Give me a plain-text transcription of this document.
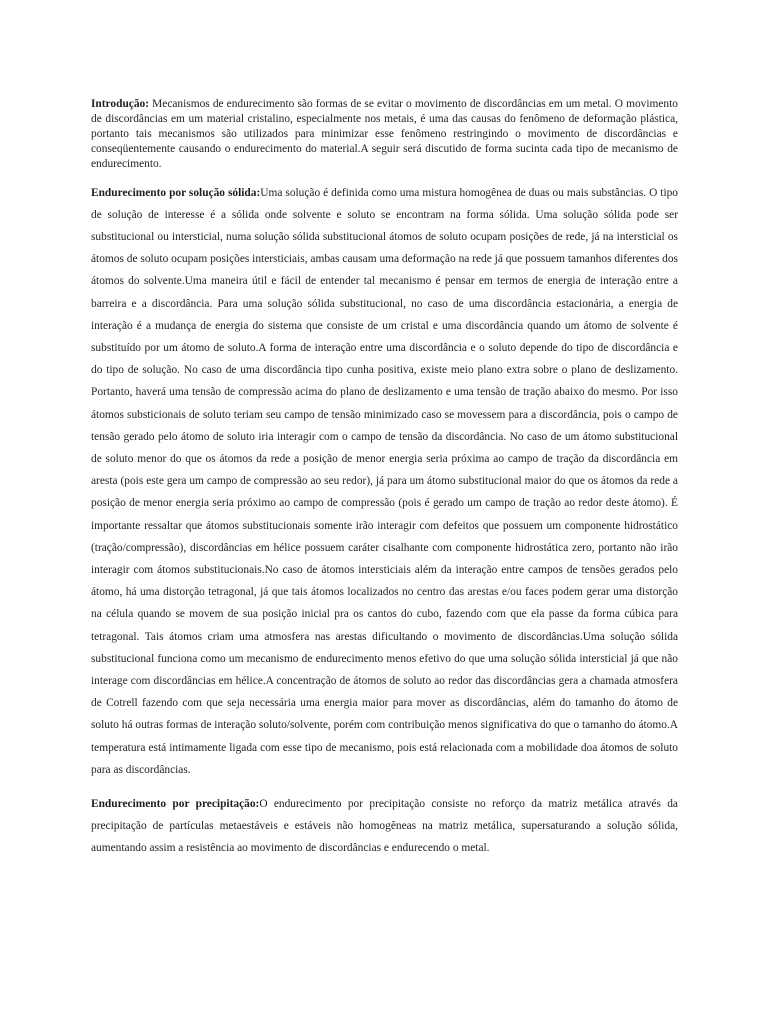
Introdução: Mecanismos de endurecimento são formas de se evitar o movimento de discordâncias em um metal. O movimento de discordâncias em um material cristalino, especialmente nos metais, é uma das causas do fenômeno de deformação plástica, portanto tais mecanismos são utilizados para minimizar esse fenômeno restringindo o movimento de discordâncias e conseqüentemente causando o endurecimento do material.A seguir será discutido de forma sucinta cada tipo de mecanismo de endurecimento.

Endurecimento por solução sólida:Uma solução é definida como uma mistura homogênea de duas ou mais substâncias. O tipo de solução de interesse é a sólida onde solvente e soluto se encontram na forma sólida. Uma solução sólida pode ser substitucional ou intersticial, numa solução sólida substitucional átomos de soluto ocupam posições de rede, já na intersticial os átomos de soluto ocupam posições intersticiais, ambas causam uma deformação na rede já que possuem tamanhos diferentes dos átomos do solvente.Uma maneira útil e fácil de entender tal mecanismo é pensar em termos de energia de interação entre a barreira e a discordância. Para uma solução sólida substitucional, no caso de uma discordância estacionária, a energia de interação é a mudança de energia do sistema que consiste de um cristal e uma discordância quando um átomo de solvente é substituído por um átomo de soluto.A forma de interação entre uma discordância e o soluto depende do tipo de discordância e do tipo de solução. No caso de uma discordância tipo cunha positiva, existe meio plano extra sobre o plano de deslizamento. Portanto, haverá uma tensão de compressão acima do plano de deslizamento e uma tensão de tração abaixo do mesmo. Por isso átomos substicionais de soluto teriam seu campo de tensão minimizado caso se movessem para a discordância, pois o campo de tensão gerado pelo átomo de soluto iria interagir com o campo de tensão da discordância. No caso de um átomo substitucional de soluto menor do que os átomos da rede a posição de menor energia seria próxima ao campo de tração da discordância em aresta (pois este gera um campo de compressão ao seu redor), já para um átomo substitucional maior do que os átomos da rede a posição de menor energia seria próximo ao campo de compressão (pois é gerado um campo de tração ao redor deste átomo). É importante ressaltar que átomos substitucionais somente irão interagir com defeitos que possuem um componente hidrostático (tração/compressão), discordâncias em hélice possuem caráter cisalhante com componente hidrostática zero, portanto não irão interagir com átomos substitucionais.No caso de átomos intersticiais além da interação entre campos de tensões gerados pelo átomo, há uma distorção tetragonal, já que tais átomos localizados no centro das arestas e/ou faces podem gerar uma distorção na célula quando se movem de sua posição inicial pra os cantos do cubo, fazendo com que ela passe da forma cúbica para tetragonal. Tais átomos criam uma atmosfera nas arestas dificultando o movimento de discordâncias.Uma solução sólida substitucional funciona como um mecanismo de endurecimento menos efetivo do que uma solução sólida intersticial já que não interage com discordâncias em hélice.A concentração de átomos de soluto ao redor das discordâncias gera a chamada atmosfera de Cotrell fazendo com que seja necessária uma energia maior para mover as discordâncias, além do tamanho do átomo de soluto há outras formas de interação soluto/solvente, porém com contribuição menos significativa do que o tamanho do átomo.A temperatura está intimamente ligada com esse tipo de mecanismo, pois está relacionada com a mobilidade doa átomos de soluto para as discordâncias.

Endurecimento por precipitação:O endurecimento por precipitação consiste no reforço da matriz metálica através da precipitação de partículas metaestáveis e estáveis não homogêneas na matriz metálica, supersaturando a solução sólida, aumentando assim a resistência ao movimento de discordâncias e endurecendo o metal.
